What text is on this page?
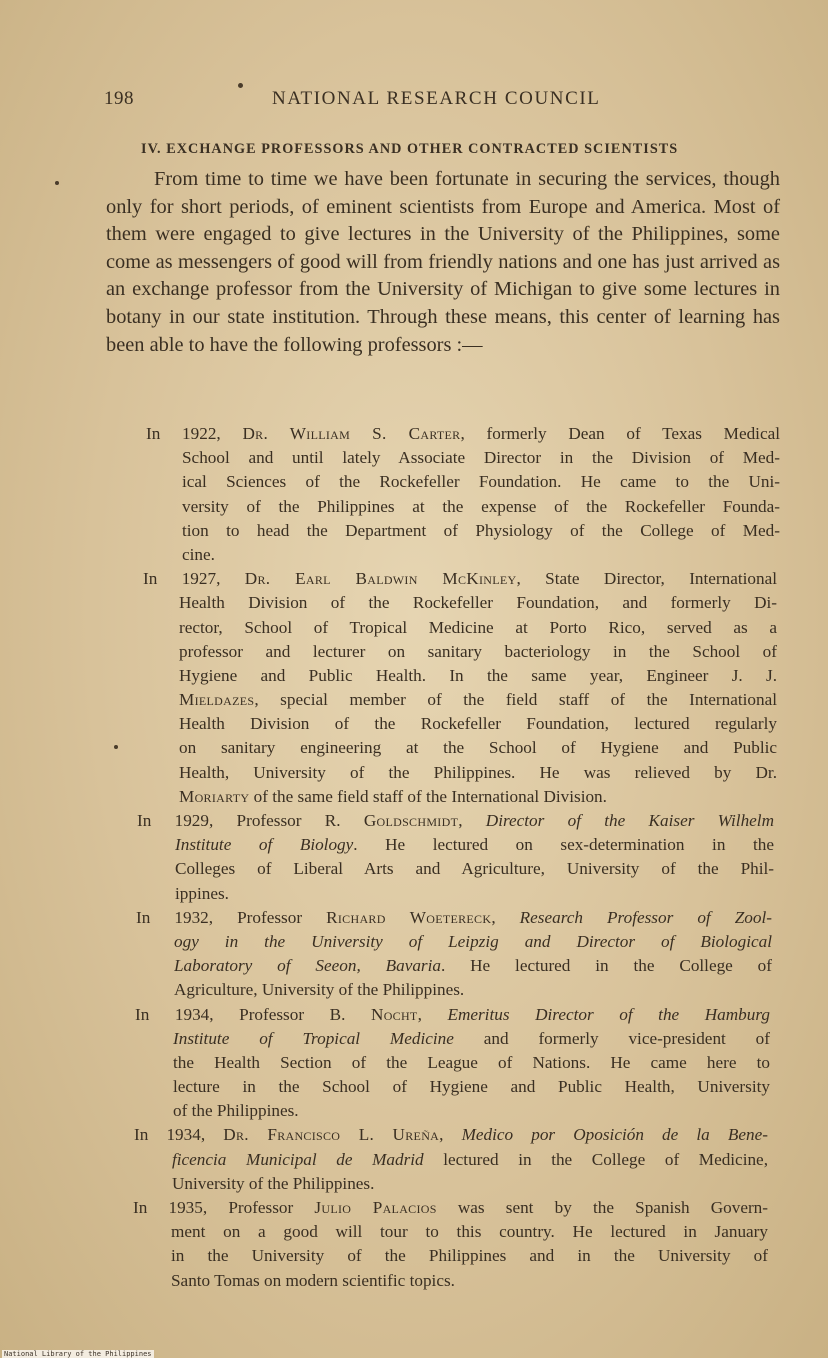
198	NATIONAL RESEARCH COUNCIL
IV. EXCHANGE PROFESSORS AND OTHER CONTRACTED SCIENTISTS

From time to time we have been fortunate in securing the services, though only for short periods, of eminent scientists from Europe and America. Most of them were engaged to give lectures in the University of the Philippines, some come as messengers of good will from friendly nations and one has just arrived as an exchange professor from the University of Michigan to give some lectures in botany in our state institution. Through these means, this center of learning has been able to have the following professors :—

In 1922, Dr. William S. Carter, formerly Dean of Texas Medical
School and until lately Associate Director in the Division of Med-
ical Sciences of the Rockefeller Foundation. He came to the Uni-
versity of the Philippines at the expense of the Rockefeller Founda-
tion to head the Department of Physiology of the College of Med-
cine.
In 1927, Dr. Earl Baldwin McKinley, State Director, International
Health Division of the Rockefeller Foundation, and formerly Di-
rector, School of Tropical Medicine at Porto Rico, served as a
professor and lecturer on sanitary bacteriology in the School of
Hygiene and Public Health. In the same year, Engineer J. J.
Mieldazes, special member of the field staff of the International
Health Division of the Rockefeller Foundation, lectured regularly
on sanitary engineering at the School of Hygiene and Public
Health, University of the Philippines. He was relieved by Dr.
Moriarty of the same field staff of the International Division.
In 1929, Professor R. Goldschmidt, Director of the Kaiser Wilhelm
Institute of Biology. He lectured on sex-determination in the
Colleges of Liberal Arts and Agriculture, University of the Phil-
ippines.
In 1932, Professor Richard Woetereck, Research Professor of Zool-
ogy in the University of Leipzig and Director of Biological
Laboratory of Seeon, Bavaria. He lectured in the College of
Agriculture, University of the Philippines.
In 1934, Professor B. Nocht, Emeritus Director of the Hamburg
Institute of Tropical Medicine and formerly vice-president of
the Health Section of the League of Nations. He came here to
lecture in the School of Hygiene and Public Health, University
of the Philippines.
In 1934, Dr. Francisco L. Ureña, Medico por Oposición de la Bene-
ficencia Municipal de Madrid lectured in the College of Medicine,
University of the Philippines.
In 1935, Professor Julio Palacios was sent by the Spanish Govern-
ment on a good will tour to this country. He lectured in January
in the University of the Philippines and in the University of
Santo Tomas on modern scientific topics.
National Library of the Philippines
